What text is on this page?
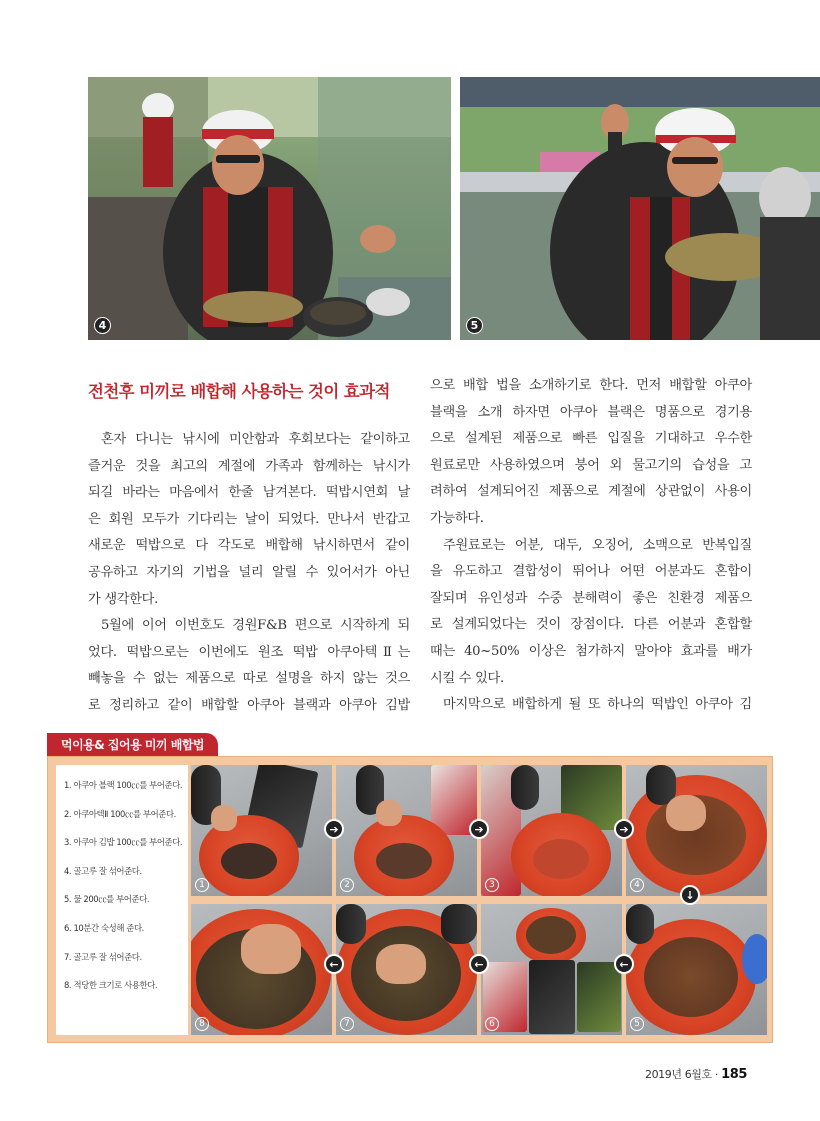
4	5
전천후 미끼로 배합해 사용하는 것이 효과적

혼자 다니는 낚시에 미안함과 후회보다는 같이하고

즐거운 것을 최고의 계절에 가족과 함께하는 낚시가

되길 바라는 마음에서 한줄 남겨본다. 떡밥시연회 날

은 회원 모두가 기다리는 날이 되었다. 만나서 반갑고

새로운 떡밥으로 다 각도로 배합해 낚시하면서 같이

공유하고 자기의 기법을 널리 알릴 수 있어서가 아닌

가 생각한다.

5월에 이어 이번호도 경원F&B 편으로 시작하게 되

었다. 떡밥으로는 이번에도 원조 떡밥 아쿠아텍Ⅱ는

빼놓을 수 없는 제품으로 따로 설명을 하지 않는 것으

로 정리하고 같이 배합할 아쿠아 블랙과 아쿠아 김밥

으로 배합 법을 소개하기로 한다. 먼저 배합할 아쿠아

블랙을 소개 하자면 아쿠아 블랙은 명품으로 경기용

으로 설계된 제품으로 빠른 입질을 기대하고 우수한

원료로만 사용하였으며 붕어 외 물고기의 습성을 고

려하여 설계되어진 제품으로 계절에 상관없이 사용이

가능하다.

주원료로는 어분, 대두, 오징어, 소맥으로 반복입질

을 유도하고 결합성이 뛰어나 어떤 어분과도 혼합이

잘되며 유인성과 수중 분해력이 좋은 친환경 제품으

로 설계되었다는 것이 장점이다. 다른 어분과 혼합할

때는 40~50% 이상은 첨가하지 말아야 효과를 배가

시킬 수 있다.

마지막으로 배합하게 될 또 하나의 떡밥인 아쿠아 김

먹이용& 집어용 미끼 배합법
1. 아쿠아 블랙 100㏄를 부어준다.
2. 아쿠아텍Ⅱ 100㏄를 부어준다.
3. 아쿠아 김밥 100㏄를 부어준다.
4. 골고루 잘 섞어준다.
5. 물 200㏄를 부어준다.
6. 10분간 숙성해 준다.
7. 골고루 잘 섞어준다.
8. 적당한 크기로 사용한다.
1	2	3	4
8	7	6	5
➔	➔	➔
↓
←
←
←
2019년 6월호 · 185
